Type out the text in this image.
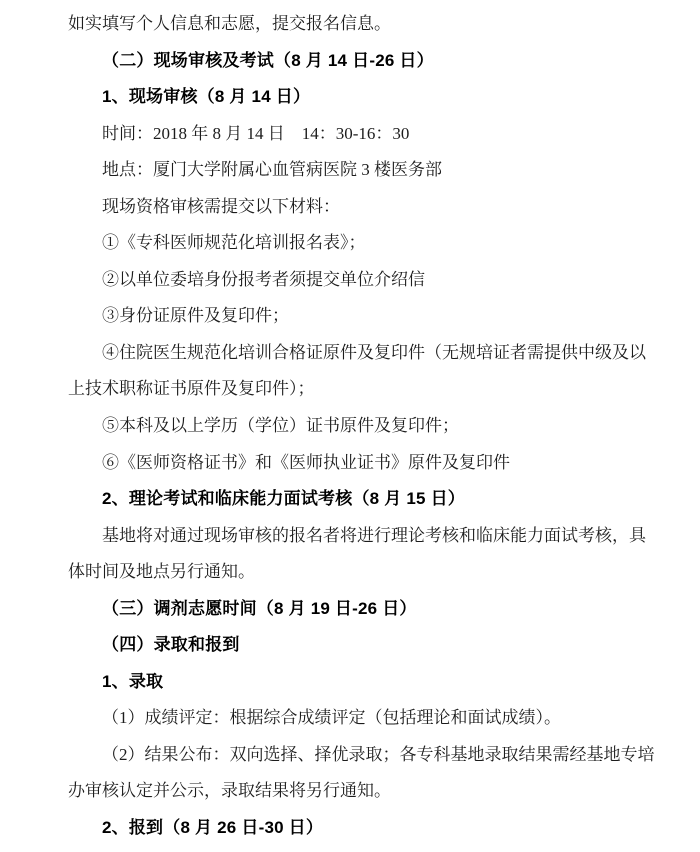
如实填写个人信息和志愿，提交报名信息。
（二）现场审核及考试（8 月 14 日-26 日）
1、现场审核（8 月 14 日）
时间：2018 年 8 月 14 日　14：30-16：30
地点：厦门大学附属心血管病医院 3 楼医务部
现场资格审核需提交以下材料：
①《专科医师规范化培训报名表》；
②以单位委培身份报考者须提交单位介绍信
③身份证原件及复印件；
④住院医生规范化培训合格证原件及复印件（无规培证者需提供中级及以
上技术职称证书原件及复印件）；
⑤本科及以上学历（学位）证书原件及复印件；
⑥《医师资格证书》和《医师执业证书》原件及复印件
2、理论考试和临床能力面试考核（8 月 15 日）
基地将对通过现场审核的报名者将进行理论考核和临床能力面试考核，具
体时间及地点另行通知。
（三）调剂志愿时间（8 月 19 日-26 日）
（四）录取和报到
1、录取
（1）成绩评定：根据综合成绩评定（包括理论和面试成绩）。
（2）结果公布：双向选择、择优录取；各专科基地录取结果需经基地专培
办审核认定并公示，录取结果将另行通知。
2、报到（8 月 26 日-30 日）
